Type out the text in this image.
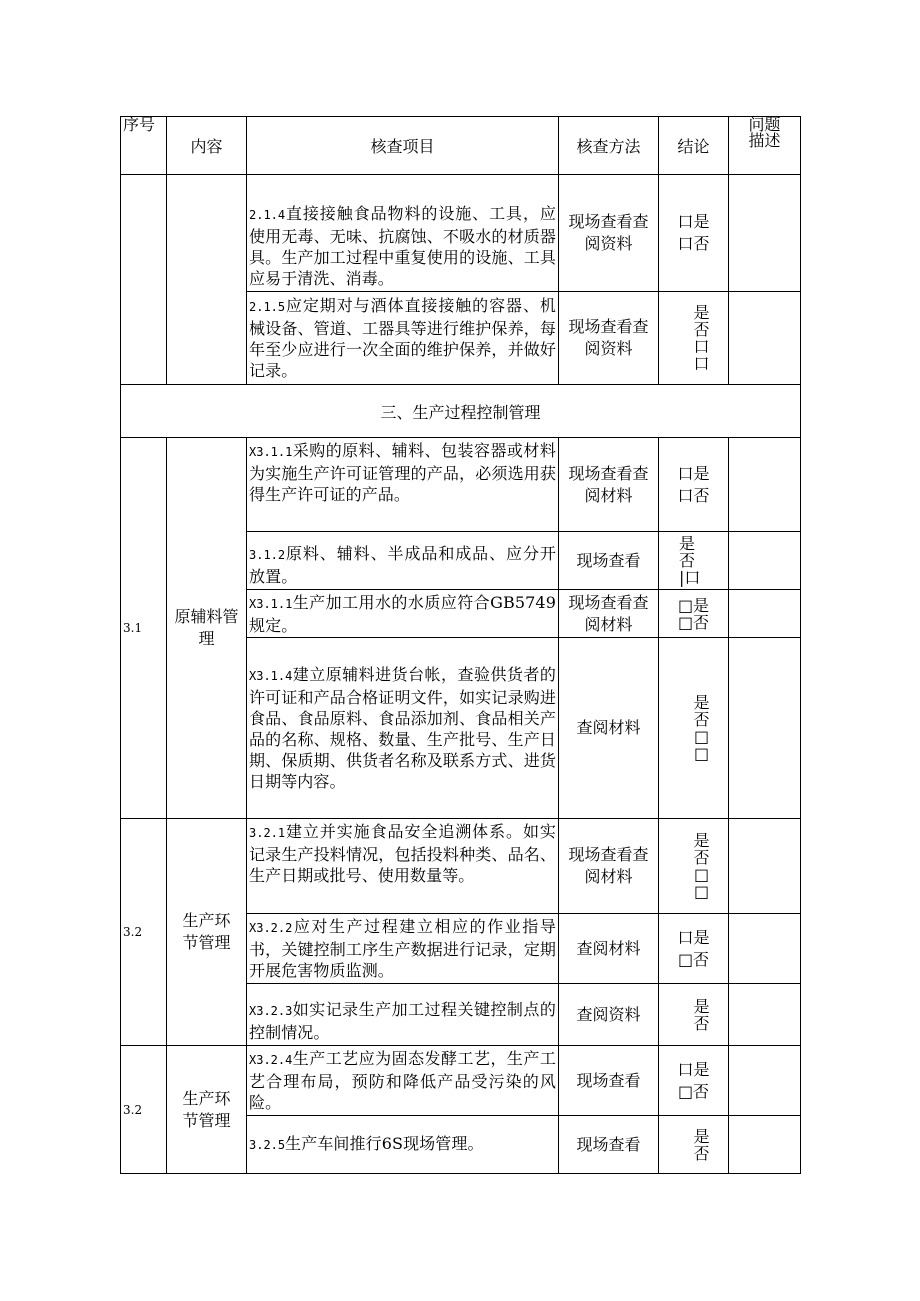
序号	内容	核查项目	核查方法	结论	问题描述
		2.1.4直接接触食品物料的设施、工具，应使用无毒、无味、抗腐蚀、不吸水的材质器具。生产加工过程中重复使用的设施、工具应易于清洗、消毒。	现场查看查阅资料	口是
口否	

		2.1.5应定期对与酒体直接接触的容器、机械设备、管道、工器具等进行维护保养，每年至少应进行一次全面的维护保养，并做好记录。	现场查看查阅资料	是
否
口
口	

三、生产过程控制管理					
3.1	原辅料管理	X3.1.1采购的原料、辅料、包装容器或材料为实施生产许可证管理的产品，必须选用获得生产许可证的产品。	现场查看查阅材料	口是
口否	

		3.1.2原料、辅料、半成品和成品、应分开放置。	现场查看	是
否
|口	

		X3.1.1生产加工用水的水质应符合GB5749规定。	现场查看查阅材料	□是
□否	

		X3.1.4建立原辅料进货台帐，查验供货者的许可证和产品合格证明文件，如实记录购进食品、食品原料、食品添加剂、食品相关产品的名称、规格、数量、生产批号、生产日期、保质期、供货者名称及联系方式、进货日期等内容。	查阅材料	是
否
□
□	

3.2	生产环节管理	3.2.1建立并实施食品安全追溯体系。如实记录生产投料情况，包括投料种类、品名、生产日期或批号、使用数量等。	现场查看查阅材料	是
否
□
□	

		X3.2.2应对生产过程建立相应的作业指导书，关键控制工序生产数据进行记录，定期开展危害物质监测。	查阅材料	口是
□否	

		X3.2.3如实记录生产加工过程关键控制点的控制情况。	查阅资料	是
否	

3.2	生产环节管理	X3.2.4生产工艺应为固态发酵工艺，生产工艺合理布局，预防和降低产品受污染的风险。	现场查看	口是
□否	

		3.2.5生产车间推行6S现场管理。	现场查看	是
否	
